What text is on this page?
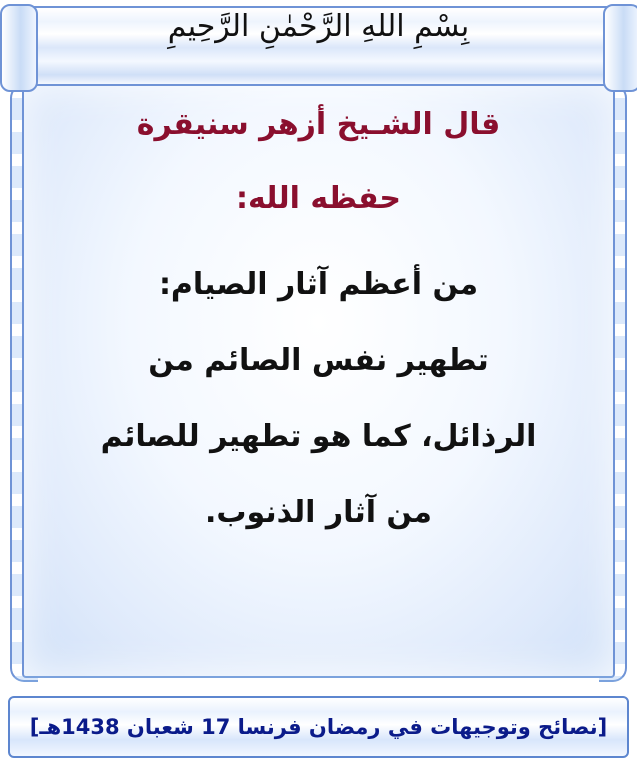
بِسْمِ اللهِ الرَّحْمٰنِ الرَّحِيمِ

قال الشـيخ أزهر سنيقرة

حفظه الله:

من أعظم آثار الصيام:

تطهير نفس الصائم من

الرذائل، كما هو تطهير للصائم

من آثار الذنوب.

[نصائح وتوجيهات في رمضان فرنسا 17 شعبان 1438هـ]
